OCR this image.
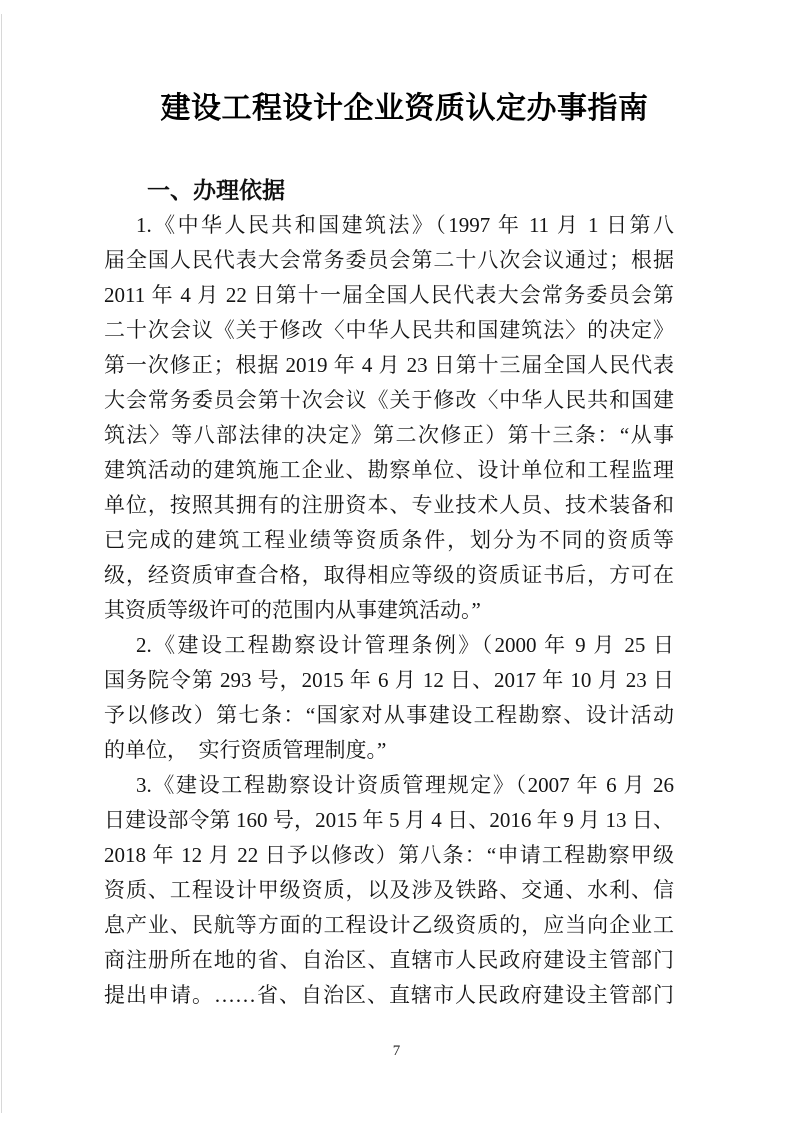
建设工程设计企业资质认定办事指南
一、办理依据
1.《中华人民共和国建筑法》（1997 年 11 月 1 日第八
届全国人民代表大会常务委员会第二十八次会议通过；根据
2011 年 4 月 22 日第十一届全国人民代表大会常务委员会第
二十次会议《关于修改〈中华人民共和国建筑法〉的决定》
第一次修正；根据 2019 年 4 月 23 日第十三届全国人民代表
大会常务委员会第十次会议《关于修改〈中华人民共和国建
筑法〉等八部法律的决定》第二次修正）第十三条：“从事
建筑活动的建筑施工企业、勘察单位、设计单位和工程监理
单位，按照其拥有的注册资本、专业技术人员、技术装备和
已完成的建筑工程业绩等资质条件，划分为不同的资质等
级，经资质审查合格，取得相应等级的资质证书后，方可在
其资质等级许可的范围内从事建筑活动。”
2.《建设工程勘察设计管理条例》（2000 年 9 月 25 日
国务院令第 293 号，2015 年 6 月 12 日、2017 年 10 月 23 日
予以修改）第七条：“国家对从事建设工程勘察、设计活动
的单位，　实行资质管理制度。”
3.《建设工程勘察设计资质管理规定》（2007 年 6 月 26
日建设部令第 160 号，2015 年 5 月 4 日、2016 年 9 月 13 日、
2018 年 12 月 22 日予以修改）第八条：“申请工程勘察甲级
资质、工程设计甲级资质，以及涉及铁路、交通、水利、信
息产业、民航等方面的工程设计乙级资质的，应当向企业工
商注册所在地的省、自治区、直辖市人民政府建设主管部门
提出申请。……省、自治区、直辖市人民政府建设主管部门
7
